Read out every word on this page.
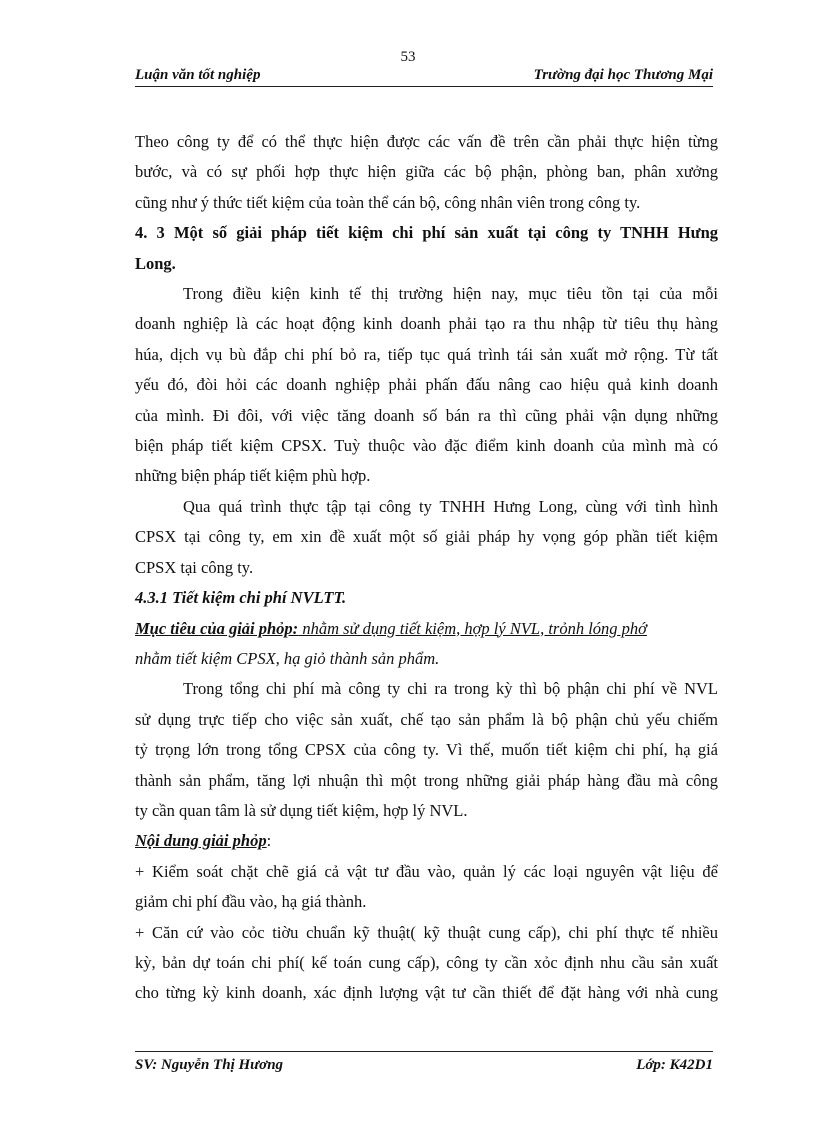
53
Luận văn tốt nghiệp	Trường đại học Thương Mại
Theo công ty để có thể thực hiện được các vấn đề trên cần phải thực hiện từng
bước, và có sự phối hợp thực hiện giữa các bộ phận, phòng ban, phân xưởng
cũng như ý thức tiết kiệm của toàn thể cán bộ, công nhân viên trong công ty.
4. 3 Một số giải pháp tiết kiệm chi phí sản xuất tại công ty TNHH Hưng
Long.
Trong điều kiện kinh tế thị trường hiện nay, mục tiêu tồn tại của mỗi
doanh nghiệp là các hoạt động kinh doanh phải tạo ra thu nhập từ tiêu thụ hàng
húa, dịch vụ bù đắp chi phí bỏ ra, tiếp tục quá trình tái sản xuất mở rộng. Từ tất
yếu đó, đòi hỏi các doanh nghiệp phải phấn đấu nâng cao hiệu quả kinh doanh
của mình. Đi đôi, với việc tăng doanh số bán ra thì cũng phải vận dụng những
biện pháp tiết kiệm CPSX. Tuỳ thuộc vào đặc điểm kinh doanh của mình mà có
những biện pháp tiết kiệm phù hợp.
Qua quá trình thực tập tại công ty TNHH Hưng Long, cùng với tình hình
CPSX tại công ty, em xin đề xuất một số giải pháp hy vọng góp phần tiết kiệm
CPSX tại công ty.
4.3.1 Tiết kiệm chi phí NVLTT.
Mục tiêu của giải phỏp: nhằm sử dụng tiết kiệm, hợp lý NVL, trỏnh lóng phớ
nhằm tiết kiệm CPSX, hạ giỏ thành sản phẩm.
Trong tổng chi phí mà công ty chi ra trong kỳ thì bộ phận chi phí về NVL
sử dụng trực tiếp cho việc sản xuất, chế tạo sản phẩm là bộ phận chủ yếu chiếm
tỷ trọng lớn trong tổng CPSX của công ty. Vì thế, muốn tiết kiệm chi phí, hạ giá
thành sản phẩm, tăng lợi nhuận thì một trong những giải pháp hàng đầu mà công
ty cần quan tâm là sử dụng tiết kiệm, hợp lý NVL.
Nội dung giải phỏp:
+ Kiểm soát chặt chẽ giá cả vật tư đầu vào, quản lý các loại nguyên vật liệu để
giảm chi phí đầu vào, hạ giá thành.
+ Căn cứ vào cỏc tiờu chuẩn kỹ thuật( kỹ thuật cung cấp), chi phí thực tế nhiều
kỳ, bản dự toán chi phí( kế toán cung cấp), công ty cần xỏc định nhu cầu sản xuất
cho từng kỳ kinh doanh, xác định lượng vật tư cần thiết để đặt hàng với nhà cung
SV: Nguyễn Thị Hương	Lớp: K42D1
